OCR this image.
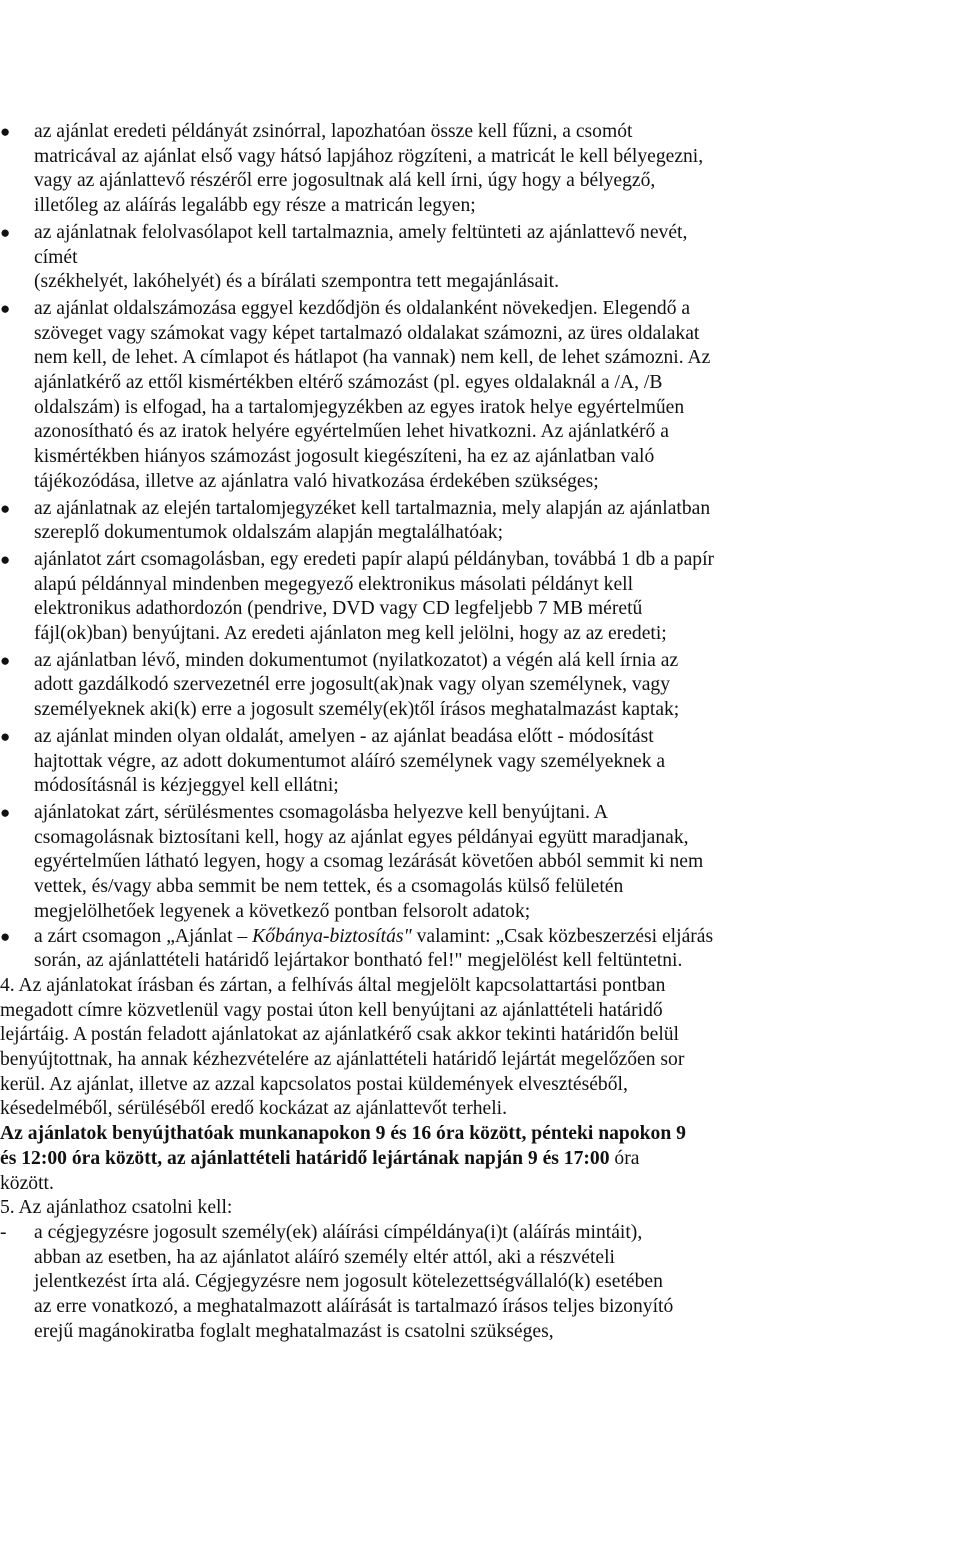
●	az ajánlat eredeti példányát zsinórral, lapozhatóan össze kell fűzni, a csomót
matricával az ajánlat első vagy hátsó lapjához rögzíteni, a matricát le kell bélyegezni,
vagy az ajánlattevő részéről erre jogosultnak alá kell írni, úgy hogy a bélyegző,
illetőleg az aláírás legalább egy része a matricán legyen;
●	az ajánlatnak felolvasólapot kell tartalmaznia, amely feltünteti az ajánlattevő nevét,
címét
(székhelyét, lakóhelyét) és a bírálati szempontra tett megajánlásait.
●	az ajánlat oldalszámozása eggyel kezdődjön és oldalanként növekedjen. Elegendő a
szöveget vagy számokat vagy képet tartalmazó oldalakat számozni, az üres oldalakat
nem kell, de lehet. A címlapot és hátlapot (ha vannak) nem kell, de lehet számozni. Az
ajánlatkérő az ettől kismértékben eltérő számozást (pl. egyes oldalaknál a /A, /B
oldalszám) is elfogad, ha a tartalomjegyzékben az egyes iratok helye egyértelműen
azonosítható és az iratok helyére egyértelműen lehet hivatkozni. Az ajánlatkérő a
kismértékben hiányos számozást jogosult kiegészíteni, ha ez az ajánlatban való
tájékozódása, illetve az ajánlatra való hivatkozása érdekében szükséges;
●	az ajánlatnak az elején tartalomjegyzéket kell tartalmaznia, mely alapján az ajánlatban
szereplő dokumentumok oldalszám alapján megtalálhatóak;
●	ajánlatot zárt csomagolásban, egy eredeti papír alapú példányban, továbbá 1 db a papír
alapú példánnyal mindenben megegyező elektronikus másolati példányt kell
elektronikus adathordozón (pendrive, DVD vagy CD legfeljebb 7 MB méretű
fájl(ok)ban) benyújtani. Az eredeti ajánlaton meg kell jelölni, hogy az az eredeti;
●	az ajánlatban lévő, minden dokumentumot (nyilatkozatot) a végén alá kell írnia az
adott gazdálkodó szervezetnél erre jogosult(ak)nak vagy olyan személynek, vagy
személyeknek aki(k) erre a jogosult személy(ek)től írásos meghatalmazást kaptak;
●	az ajánlat minden olyan oldalát, amelyen - az ajánlat beadása előtt - módosítást
hajtottak végre, az adott dokumentumot aláíró személynek vagy személyeknek a
módosításnál is kézjeggyel kell ellátni;
●	ajánlatokat zárt, sérülésmentes csomagolásba helyezve kell benyújtani. A
csomagolásnak biztosítani kell, hogy az ajánlat egyes példányai együtt maradjanak,
egyértelműen látható legyen, hogy a csomag lezárását követően abból semmit ki nem
vettek, és/vagy abba semmit be nem tettek, és a csomagolás külső felületén
megjelölhetőek legyenek a következő pontban felsorolt adatok;
●	a zárt csomagon „Ajánlat – Kőbánya-biztosítás" valamint: „Csak közbeszerzési eljárás
során, az ajánlattételi határidő lejártakor bontható fel!" megjelölést kell feltüntetni.
4. Az ajánlatokat írásban és zártan, a felhívás által megjelölt kapcsolattartási pontban
megadott címre közvetlenül vagy postai úton kell benyújtani az ajánlattételi határidő
lejártáig. A postán feladott ajánlatokat az ajánlatkérő csak akkor tekinti határidőn belül
benyújtottnak, ha annak kézhezvételére az ajánlattételi határidő lejártát megelőzően sor
kerül. Az ajánlat, illetve az azzal kapcsolatos postai küldemények elvesztéséből,
késedelméből, sérüléséből eredő kockázat az ajánlattevőt terheli.
Az ajánlatok benyújthatóak munkanapokon 9 és 16 óra között, pénteki napokon 9
és 12:00 óra között, az ajánlattételi határidő lejártának napján 9 és 17:00 óra
között.
5. Az ajánlathoz csatolni kell:
-	a cégjegyzésre jogosult személy(ek) aláírási címpéldánya(i)t (aláírás mintáit),
abban az esetben, ha az ajánlatot aláíró személy eltér attól, aki a részvételi
jelentkezést írta alá. Cégjegyzésre nem jogosult kötelezettségvállaló(k) esetében
az erre vonatkozó, a meghatalmazott aláírását is tartalmazó írásos teljes bizonyító
erejű magánokiratba foglalt meghatalmazást is csatolni szükséges,
